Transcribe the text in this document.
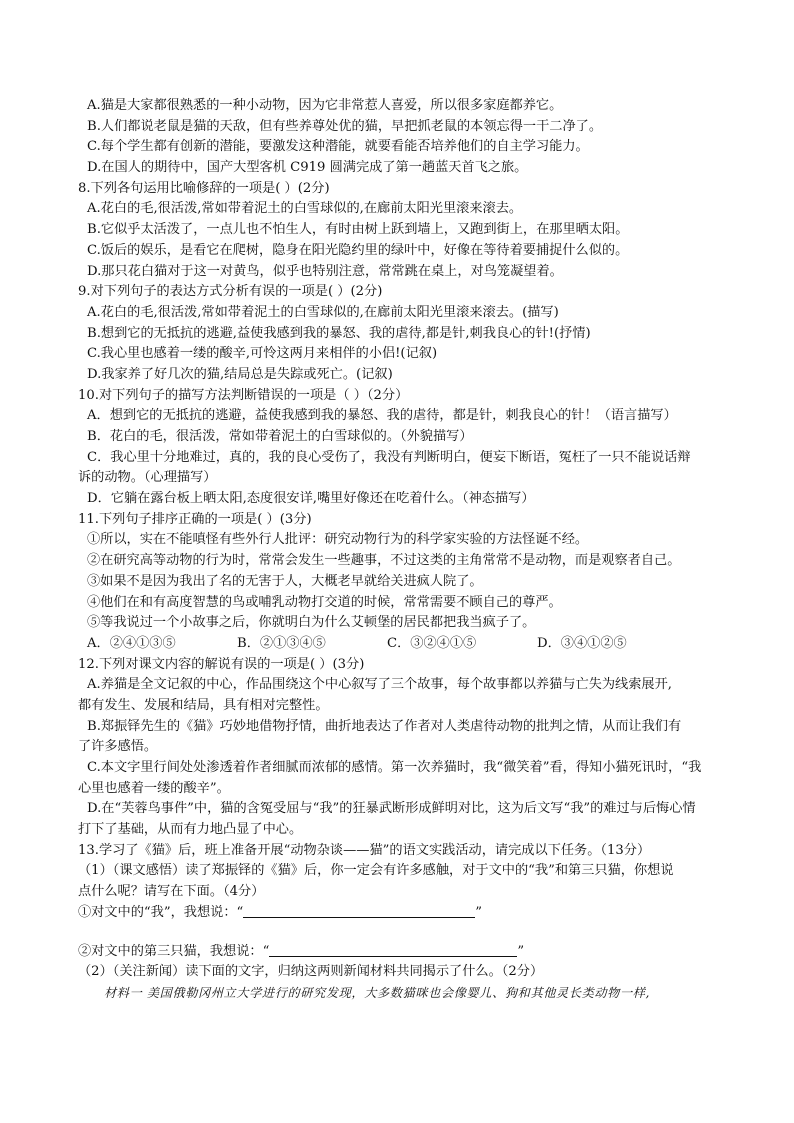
A.猫是大家都很熟悉的一种小动物，因为它非常惹人喜爱，所以很多家庭都养它。
B.人们都说老鼠是猫的天敌，但有些养尊处优的猫，早把抓老鼠的本领忘得一干二净了。
C.每个学生都有创新的潜能，要激发这种潜能，就要看能否培养他们的自主学习能力。
D.在国人的期待中，国产大型客机 C919 圆满完成了第一趟蓝天首飞之旅。
8.下列各句运用比喻修辞的一项是( ）(2分)
A.花白的毛,很活泼,常如带着泥土的白雪球似的,在廊前太阳光里滚来滚去。
B.它似乎太活泼了，一点儿也不怕生人，有时由树上跃到墙上，又跑到街上，在那里晒太阳。
C.饭后的娱乐，是看它在爬树，隐身在阳光隐约里的绿叶中，好像在等待着要捕捉什么似的。
D.那只花白猫对于这一对黄鸟，似乎也特别注意，常常跳在桌上，对鸟笼凝望着。
9.对下列句子的表达方式分析有误的一项是( ）(2分)
A.花白的毛,很活泼,常如带着泥土的白雪球似的,在廊前太阳光里滚来滚去。(描写)
B.想到它的无抵抗的逃避,益使我感到我的暴怒、我的虐待,都是针,刺我良心的针!(抒情)
C.我心里也感着一缕的酸辛,可怜这两月来相伴的小侣!(记叙)
D.我家养了好几次的猫,结局总是失踪或死亡。(记叙)
10.对下列句子的描写方法判断错误的一项是（ ）（2分）
A．想到它的无抵抗的逃避，益使我感到我的暴怒、我的虐待，都是针，刺我良心的针！（语言描写）
B．花白的毛，很活泼，常如带着泥土的白雪球似的。（外貌描写）
C．我心里十分地难过，真的，我的良心受伤了，我没有判断明白，便妄下断语，冤枉了一只不能说话辩
诉的动物。（心理描写）
D．它躺在露台板上晒太阳,态度很安详,嘴里好像还在吃着什么。（神态描写）
11.下列句子排序正确的一项是( ）(3分)
①所以，实在不能嗔怪有些外行人批评：研究动物行为的科学家实验的方法怪诞不经。
②在研究高等动物的行为时，常常会发生一些趣事，不过这类的主角常常不是动物，而是观察者自己。
③如果不是因为我出了名的无害于人，大概老早就给关进疯人院了。
④他们在和有高度智慧的鸟或哺乳动物打交道的时候，常常需要不顾自己的尊严。
⑤等我说过一个小故事之后，你就明白为什么艾顿堡的居民都把我当疯子了。
A．②④①③⑤	B．②①③④⑤	C．③②④①⑤	D．③④①②⑤
12.下列对课文内容的解说有误的一项是( ）(3分)
A.养猫是全文记叙的中心，作品围绕这个中心叙写了三个故事，每个故事都以养猫与亡失为线索展开,
都有发生、发展和结局，具有相对完整性。
B.郑振铎先生的《猫》巧妙地借物抒情，曲折地表达了作者对人类虐待动物的批判之情，从而让我们有
了许多感悟。
C.本文字里行间处处渗透着作者细腻而浓郁的感情。第一次养猫时，我“微笑着”看，得知小猫死讯时，“我
心里也感着一缕的酸辛”。
D.在“芙蓉鸟事件”中，猫的含冤受屈与“我”的狂暴武断形成鲜明对比，这为后文写“我”的难过与后悔心情
打下了基础，从而有力地凸显了中心。
13.学习了《猫》后，班上准备开展“动物杂谈——猫”的语文实践活动，请完成以下任务。（13分）
（1）（课文感悟）读了郑振铎的《猫》后，你一定会有许多感触，对于文中的“我”和第三只猫，你想说
点什么呢？请写在下面。（4分）
①对文中的“我”，我想说：“	”
②对文中的第三只猫，我想说：“	”
（2）（关注新闻）读下面的文字，归纳这两则新闻材料共同揭示了什么。（2分）
材料一 美国俄勒冈州立大学进行的研究发现，大多数猫咪也会像婴儿、狗和其他灵长类动物一样,
